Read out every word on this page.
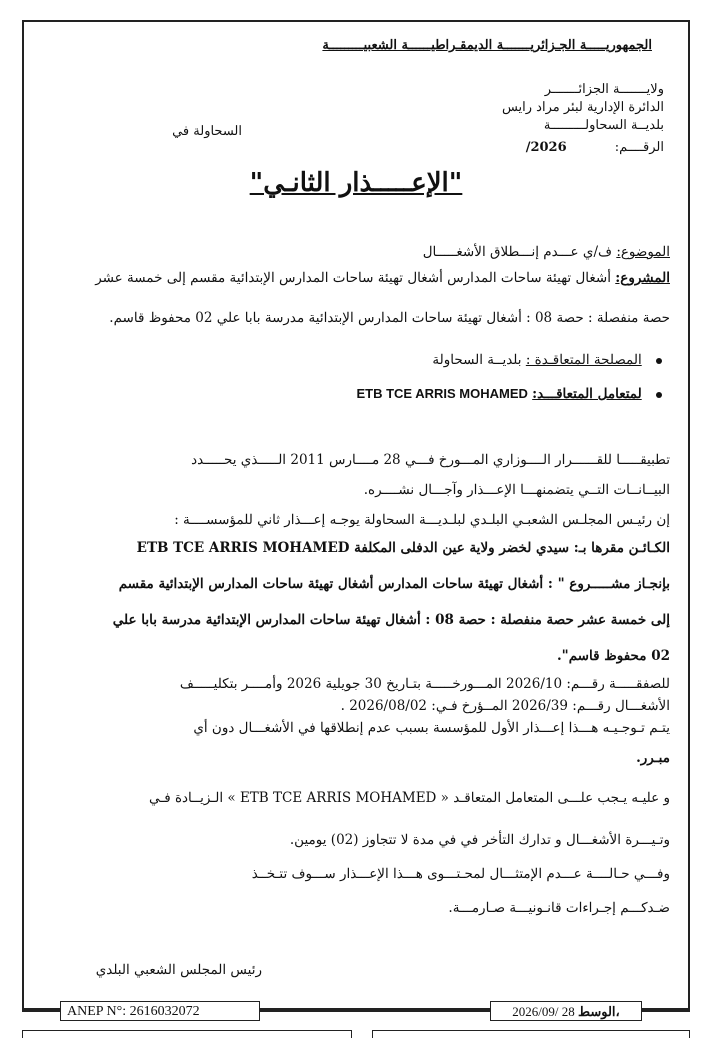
الجمهوريـــــة الجـزائريـــــــة الديمقـراطيــــــة الشعبيـــــــــة
ولايـــــــة الجزائـــــــر
الدائرة الإدارية لبئر مراد رايس
بلديــة السحاولـــــــــة
الرقــــم: 2026/
السحاولة في
"الإعـــــذار الثانـي"
الموضوع: ف/ي عـــدم إنـــطلاق الأشغـــــال
المشروع: أشغال تهيئة ساحات المدارس أشغال تهيئة ساحات المدارس الإبتدائية مقسم إلى خمسة عشر
حصة منفصلة : حصة 08 : أشغال تهيئة ساحات المدارس الإبتدائية مدرسة بابا علي 02 محفوظ قاسم.
المصلحة المتعاقـدة : بلديــة السحاولة
لمتعامل المتعاقـــد: ETB TCE ARRIS MOHAMED
تطبيقـــــا للقــــــرار الــــوزاري المـــورخ فـــي 28 مــــارس 2011 الـــــذي يحـــــدد
البيــانــات التــي يتضمنهـــا الإعـــذار وآجـــال نشــــره.
إن رئيـس المجلـس الشعبـي البلـدي لبلـديـــة السحاولة يوجـه إعـــذار ثاني للمؤسســــة :
ETB TCE ARRIS MOHAMED الكـائـن مقرها بـ: سيدي لخضر ولاية عين الدفلى المكلفة
بإنجـاز مشـــــروع " : أشغال تهيئة ساحات المدارس أشغال تهيئة ساحات المدارس الإبتدائية مقسم
إلى خمسة عشر حصة منفصلة : حصة 08 : أشغال تهيئة ساحات المدارس الإبتدائية مدرسة بابا علي
02 محفوظ قاسم".
للصفقـــــة رقـــم: 2026/10 المـــورخـــــة بتـاريخ 30 جويلية 2026 وأمــــر بتكليـــــف
الأشغـــال رقـــم: 2026/39 المــؤرخ فـي: 2026/08/02 .
يتـم تـوجـيـه هـــذا إعـــذار الأول للمؤسسة بسبب عدم إنطلاقها في الأشغـــال دون أي
مبـرر.
و عليـه يـجب علـــى المتعامل المتعاقـد « ETB TCE ARRIS MOHAMED » الـزيــادة فـي
وتـيـــرة الأشغـــال و تدارك التأخر في في مدة لا تتجاوز (02) يومين.
وفـــي حـالــــة عـــدم الإمتثـــال لمحـتـــوى هـــذا الإعـــذار ســـوف تتـخــذ
ضـدكـــم إجـراءات قانـونيـــة صـارمـــة.
رئيس المجلس الشعبي البلدي
ANEP N°: 2616032072	2026/09/ 28 الوسط،
